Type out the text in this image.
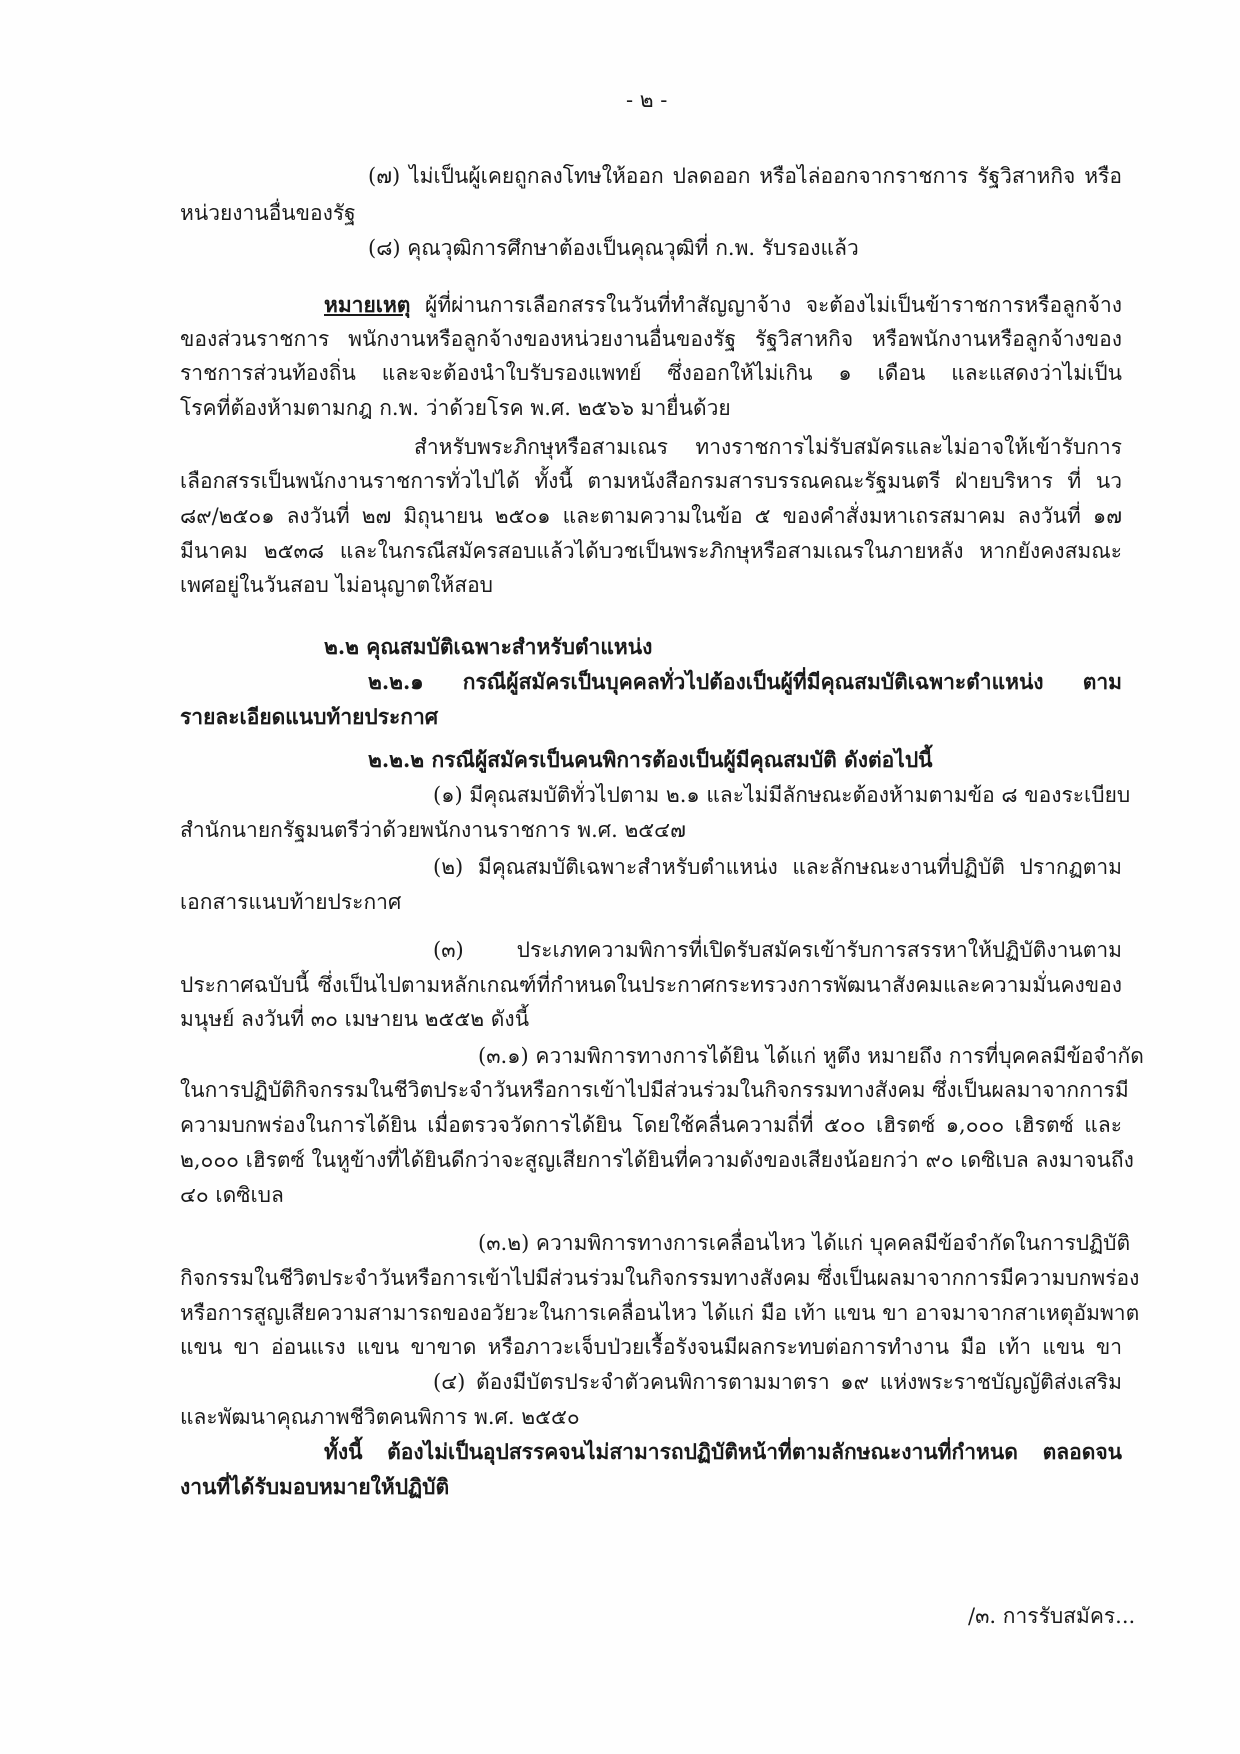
- ๒ -
(๗) ไม่เป็นผู้เคยถูกลงโทษให้ออก ปลดออก หรือไล่ออกจากราชการ รัฐวิสาหกิจ หรือ
หน่วยงานอื่นของรัฐ
(๘) คุณวุฒิการศึกษาต้องเป็นคุณวุฒิที่ ก.พ. รับรองแล้ว
หมายเหตุ ผู้ที่ผ่านการเลือกสรรในวันที่ทำสัญญาจ้าง จะต้องไม่เป็นข้าราชการหรือลูกจ้าง
ของส่วนราชการ พนักงานหรือลูกจ้างของหน่วยงานอื่นของรัฐ รัฐวิสาหกิจ หรือพนักงานหรือลูกจ้างของ
ราชการส่วนท้องถิ่น และจะต้องนำใบรับรองแพทย์ ซึ่งออกให้ไม่เกิน ๑ เดือน และแสดงว่าไม่เป็น
โรคที่ต้องห้ามตามกฎ ก.พ. ว่าด้วยโรค พ.ศ. ๒๕๖๖ มายื่นด้วย
สำหรับพระภิกษุหรือสามเณร ทางราชการไม่รับสมัครและไม่อาจให้เข้ารับการ
เลือกสรรเป็นพนักงานราชการทั่วไปได้ ทั้งนี้ ตามหนังสือกรมสารบรรณคณะรัฐมนตรี ฝ่ายบริหาร ที่ นว
๘๙/๒๕๐๑ ลงวันที่ ๒๗ มิถุนายน ๒๕๐๑ และตามความในข้อ ๕ ของคำสั่งมหาเถรสมาคม ลงวันที่ ๑๗
มีนาคม ๒๕๓๘ และในกรณีสมัครสอบแล้วได้บวชเป็นพระภิกษุหรือสามเณรในภายหลัง หากยังคงสมณะ
เพศอยู่ในวันสอบ ไม่อนุญาตให้สอบ
๒.๒ คุณสมบัติเฉพาะสำหรับตำแหน่ง
๒.๒.๑ กรณีผู้สมัครเป็นบุคคลทั่วไปต้องเป็นผู้ที่มีคุณสมบัติเฉพาะตำแหน่ง ตาม
รายละเอียดแนบท้ายประกาศ
๒.๒.๒ กรณีผู้สมัครเป็นคนพิการต้องเป็นผู้มีคุณสมบัติ ดังต่อไปนี้
(๑) มีคุณสมบัติทั่วไปตาม ๒.๑ และไม่มีลักษณะต้องห้ามตามข้อ ๘ ของระเบียบ
สำนักนายกรัฐมนตรีว่าด้วยพนักงานราชการ พ.ศ. ๒๕๔๗
(๒) มีคุณสมบัติเฉพาะสำหรับตำแหน่ง และลักษณะงานที่ปฏิบัติ ปรากฏตาม
เอกสารแนบท้ายประกาศ
(๓) ประเภทความพิการที่เปิดรับสมัครเข้ารับการสรรหาให้ปฏิบัติงานตาม
ประกาศฉบับนี้ ซึ่งเป็นไปตามหลักเกณฑ์ที่กำหนดในประกาศกระทรวงการพัฒนาสังคมและความมั่นคงของ
มนุษย์ ลงวันที่ ๓๐ เมษายน ๒๕๕๒ ดังนี้
(๓.๑) ความพิการทางการได้ยิน ได้แก่ หูตึง หมายถึง การที่บุคคลมีข้อจำกัด
ในการปฏิบัติกิจกรรมในชีวิตประจำวันหรือการเข้าไปมีส่วนร่วมในกิจกรรมทางสังคม ซึ่งเป็นผลมาจากการมี
ความบกพร่องในการได้ยิน เมื่อตรวจวัดการได้ยิน โดยใช้คลื่นความถี่ที่ ๕๐๐ เฮิรตซ์ ๑,๐๐๐ เฮิรตซ์ และ
๒,๐๐๐ เฮิรตซ์ ในหูข้างที่ได้ยินดีกว่าจะสูญเสียการได้ยินที่ความดังของเสียงน้อยกว่า ๙๐ เดซิเบล ลงมาจนถึง
๔๐ เดซิเบล
(๓.๒) ความพิการทางการเคลื่อนไหว ได้แก่ บุคคลมีข้อจำกัดในการปฏิบัติ
กิจกรรมในชีวิตประจำวันหรือการเข้าไปมีส่วนร่วมในกิจกรรมทางสังคม ซึ่งเป็นผลมาจากการมีความบกพร่อง
หรือการสูญเสียความสามารถของอวัยวะในการเคลื่อนไหว ได้แก่ มือ เท้า แขน ขา อาจมาจากสาเหตุอัมพาต
แขน ขา อ่อนแรง แขน ขาขาด หรือภาวะเจ็บป่วยเรื้อรังจนมีผลกระทบต่อการทำงาน มือ เท้า แขน ขา
(๔) ต้องมีบัตรประจำตัวคนพิการตามมาตรา ๑๙ แห่งพระราชบัญญัติส่งเสริม
และพัฒนาคุณภาพชีวิตคนพิการ พ.ศ. ๒๕๕๐
ทั้งนี้ ต้องไม่เป็นอุปสรรคจนไม่สามารถปฏิบัติหน้าที่ตามลักษณะงานที่กำหนด ตลอดจน
งานที่ได้รับมอบหมายให้ปฏิบัติ
/๓. การรับสมัคร...
